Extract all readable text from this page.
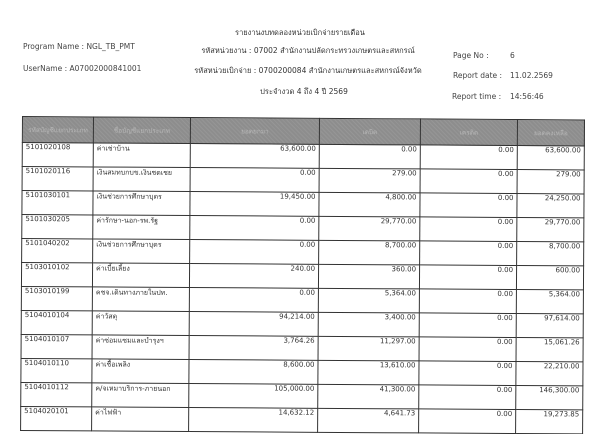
Program Name : NGL_TB_PMT
UserName : A07002000841001
รายงานงบทดลองหน่วยเบิกจ่ายรายเดือน
รหัสหน่วยงาน : 07002 สำนักงานปลัดกระทรวงเกษตรและสหกรณ์
รหัสหน่วยเบิกจ่าย : 0700200084 สำนักงานเกษตรและสหกรณ์จังหวัด
ประจำงวด 4 ถึง 4 ปี 2569
Page No :	6
Report date : 11.02.2569
Report time : 14:56:46
รหัสบัญชีแยกประเภท	ชื่อบัญชีแยกประเภท	ยอดยกมา	เดบิต	เครดิต	ยอดคงเหลือ
5101020108	ค่าเช่าบ้าน	63,600.00	0.00	0.00	63,600.00
5101020116	เงินสมทบกบข.เงินชดเชย	0.00	279.00	0.00	279.00
5101030101	เงินช่วยการศึกษาบุตร	19,450.00	4,800.00	0.00	24,250.00
5101030205	ค่ารักษา-นอก-รพ.รัฐ	0.00	29,770.00	0.00	29,770.00
5101040202	เงินช่วยการศึกษาบุตร	0.00	8,700.00	0.00	8,700.00
5103010102	ค่าเบี้ยเลี้ยง	240.00	360.00	0.00	600.00
5103010199	คชจ.เดินทางภายในปท.	0.00	5,364.00	0.00	5,364.00
5104010104	ค่าวัสดุ	94,214.00	3,400.00	0.00	97,614.00
5104010107	ค่าซ่อมแซมและบำรุงฯ	3,764.26	11,297.00	0.00	15,061.26
5104010110	ค่าเชื้อเพลิง	8,600.00	13,610.00	0.00	22,210.00
5104010112	ค/จเหมาบริการ-ภายนอก	105,000.00	41,300.00	0.00	146,300.00
5104020101	ค่าไฟฟ้า	14,632.12	4,641.73	0.00	19,273.85
